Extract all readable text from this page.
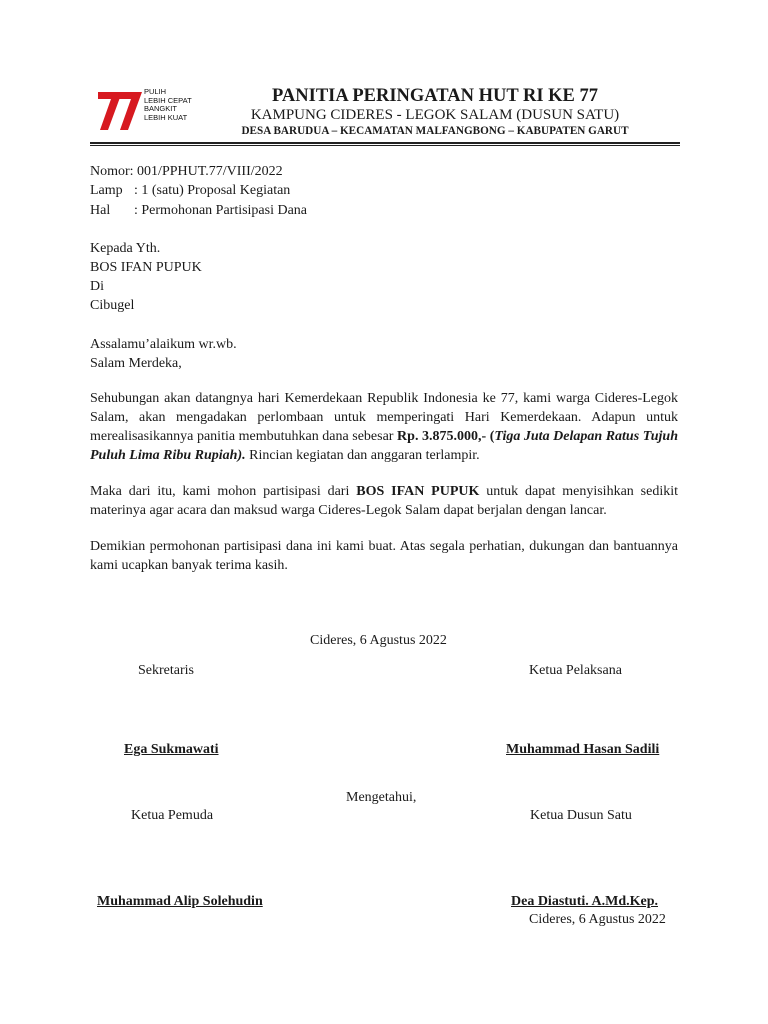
PULIH
LEBIH CEPAT
BANGKIT
LEBIH KUAT
PANITIA PERINGATAN HUT RI KE 77
KAMPUNG CIDERES - LEGOK SALAM (DUSUN SATU)
DESA BARUDUA – KECAMATAN MALFANGBONG – KABUPATEN GARUT
Nomor: 001/PPHUT.77/VIII/2022
Lamp : 1 (satu) Proposal Kegiatan
Hal : Permohonan Partisipasi Dana
Kepada Yth.
BOS IFAN PUPUK
Di
Cibugel
Assalamu’alaikum wr.wb.
Salam Merdeka,
Sehubungan akan datangnya hari Kemerdekaan Republik Indonesia ke 77, kami warga Cideres-Legok Salam, akan mengadakan perlombaan untuk memperingati Hari Kemerdekaan. Adapun untuk merealisasikannya panitia membutuhkan dana sebesar Rp. 3.875.000,- (Tiga Juta Delapan Ratus Tujuh Puluh Lima Ribu Rupiah). Rincian kegiatan dan anggaran terlampir.
Maka dari itu, kami mohon partisipasi dari BOS IFAN PUPUK untuk dapat menyisihkan sedikit materinya agar acara dan maksud warga Cideres-Legok Salam dapat berjalan dengan lancar.
Demikian permohonan partisipasi dana ini kami buat. Atas segala perhatian, dukungan dan bantuannya kami ucapkan banyak terima kasih.
Cideres, 6 Agustus 2022
Sekretaris	Ketua Pelaksana
Ega Sukmawati	Muhammad Hasan Sadili
Mengetahui,
Ketua Pemuda	Ketua Dusun Satu
Muhammad Alip Solehudin	Dea Diastuti. A.Md.Kep.
Cideres, 6 Agustus 2022
